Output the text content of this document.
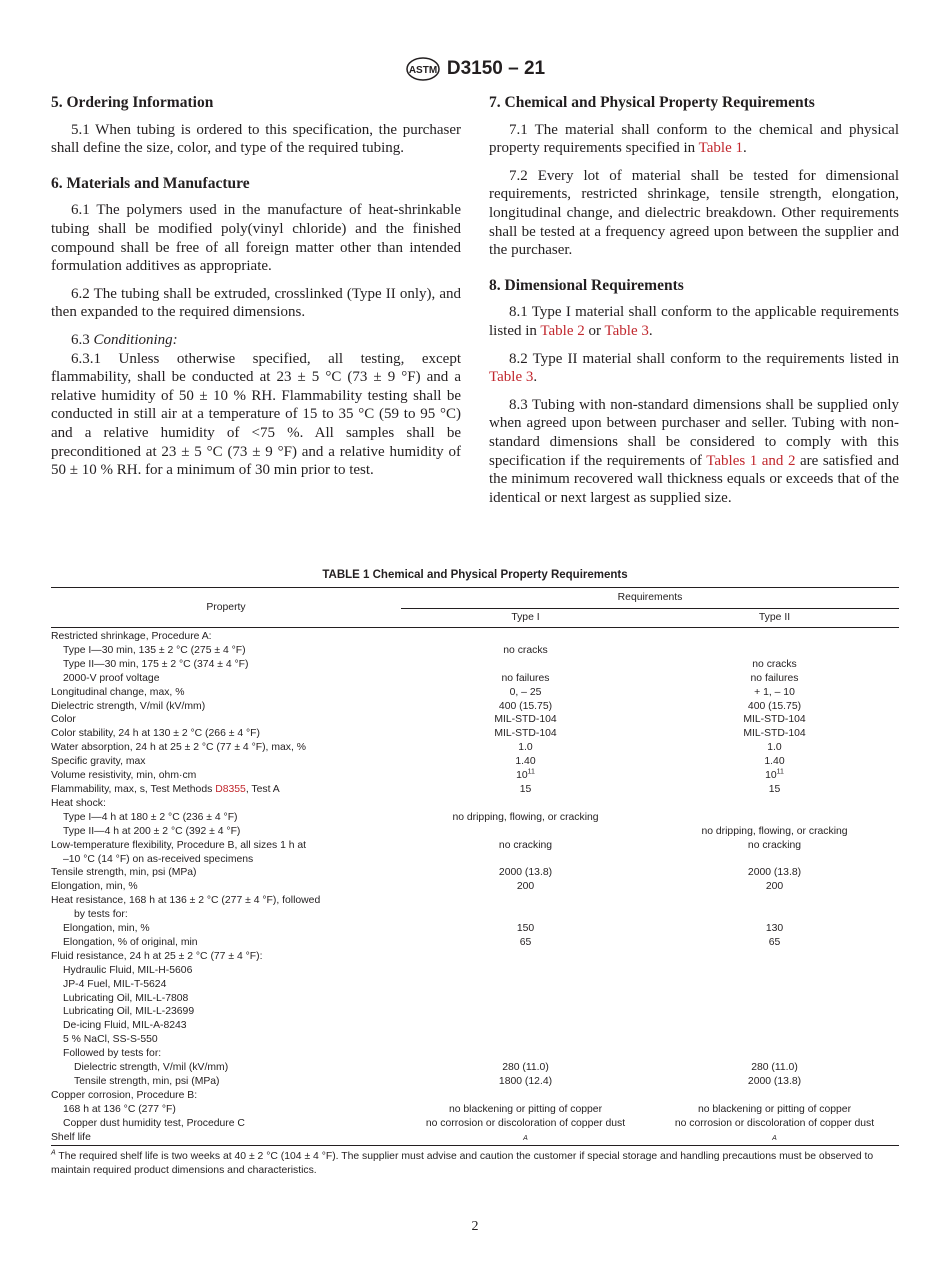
ASTM D3150 – 21
5. Ordering Information

5.1 When tubing is ordered to this specification, the purchaser shall define the size, color, and type of the required tubing.

6. Materials and Manufacture

6.1 The polymers used in the manufacture of heat-shrinkable tubing shall be modified poly(vinyl chloride) and the finished compound shall be free of all foreign matter other than intended formulation additives as appropriate.

6.2 The tubing shall be extruded, crosslinked (Type II only), and then expanded to the required dimensions.

6.3 Conditioning:

6.3.1 Unless otherwise specified, all testing, except flammability, shall be conducted at 23 ± 5 °C (73 ± 9 °F) and a relative humidity of 50 ± 10 % RH. Flammability testing shall be conducted in still air at a temperature of 15 to 35 °C (59 to 95 °C) and a relative humidity of <75 %. All samples shall be preconditioned at 23 ± 5 °C (73 ± 9 °F) and a relative humidity of 50 ± 10 % RH. for a minimum of 30 min prior to test.

7. Chemical and Physical Property Requirements

7.1 The material shall conform to the chemical and physical property requirements specified in Table 1.

7.2 Every lot of material shall be tested for dimensional requirements, restricted shrinkage, tensile strength, elongation, longitudinal change, and dielectric breakdown. Other requirements shall be tested at a frequency agreed upon between the supplier and the purchaser.

8. Dimensional Requirements

8.1 Type I material shall conform to the applicable requirements listed in Table 2 or Table 3.

8.2 Type II material shall conform to the requirements listed in Table 3.

8.3 Tubing with non-standard dimensions shall be supplied only when agreed upon between purchaser and seller. Tubing with non-standard dimensions shall be considered to comply with this specification if the requirements of Tables 1 and 2 are satisfied and the minimum recovered wall thickness equals or exceeds that of the identical or next largest as supplied size.

TABLE 1 Chemical and Physical Property Requirements
Property	Requirements	
	Type I	Type II
Restricted shrinkage, Procedure A:		
Type I—30 min, 135 ± 2 °C (275 ± 4 °F)	no cracks	
Type II—30 min, 175 ± 2 °C (374 ± 4 °F)		no cracks
2000-V proof voltage	no failures	no failures
Longitudinal change, max, %	0, – 25	+ 1, – 10
Dielectric strength, V/mil (kV/mm)	400 (15.75)	400 (15.75)
Color	MIL-STD-104	MIL-STD-104
Color stability, 24 h at 130 ± 2 °C (266 ± 4 °F)	MIL-STD-104	MIL-STD-104
Water absorption, 24 h at 25 ± 2 °C (77 ± 4 °F), max, %	1.0	1.0
Specific gravity, max	1.40	1.40
Volume resistivity, min, ohm·cm	$10^{11}$	$10^{11}$
Flammability, max, s, Test Methods D8355, Test A	15	15
Heat shock:		
Type I—4 h at 180 ± 2 °C (236 ± 4 °F)	no dripping, flowing, or cracking	
Type II—4 h at 200 ± 2 °C (392 ± 4 °F)		no dripping, flowing, or cracking
Low-temperature flexibility, Procedure B, all sizes 1 h at	no cracking	no cracking
–10 °C (14 °F) on as-received specimens		
Tensile strength, min, psi (MPa)	2000 (13.8)	2000 (13.8)
Elongation, min, %	200	200
Heat resistance, 168 h at 136 ± 2 °C (277 ± 4 °F), followed		
by tests for:		
Elongation, min, %	150	130
Elongation, % of original, min	65	65
Fluid resistance, 24 h at 25 ± 2 °C (77 ± 4 °F):		
Hydraulic Fluid, MIL-H-5606		
JP-4 Fuel, MIL-T-5624		
Lubricating Oil, MIL-L-7808		
Lubricating Oil, MIL-L-23699		
De-icing Fluid, MIL-A-8243		
5 % NaCl, SS-S-550		
Followed by tests for:		
Dielectric strength, V/mil (kV/mm)	280 (11.0)	280 (11.0)
Tensile strength, min, psi (MPa)	1800 (12.4)	2000 (13.8)
Copper corrosion, Procedure B:		
168 h at 136 °C (277 °F)	no blackening or pitting of copper	no blackening or pitting of copper
Copper dust humidity test, Procedure C	no corrosion or discoloration of copper dust	no corrosion or discoloration of copper dust
Shelf life	A	A
$^A$ The required shelf life is two weeks at 40 ± 2 °C (104 ± 4 °F). The supplier must advise and caution the customer if special storage and handling precautions must be observed to maintain required product dimensions and characteristics.
2
